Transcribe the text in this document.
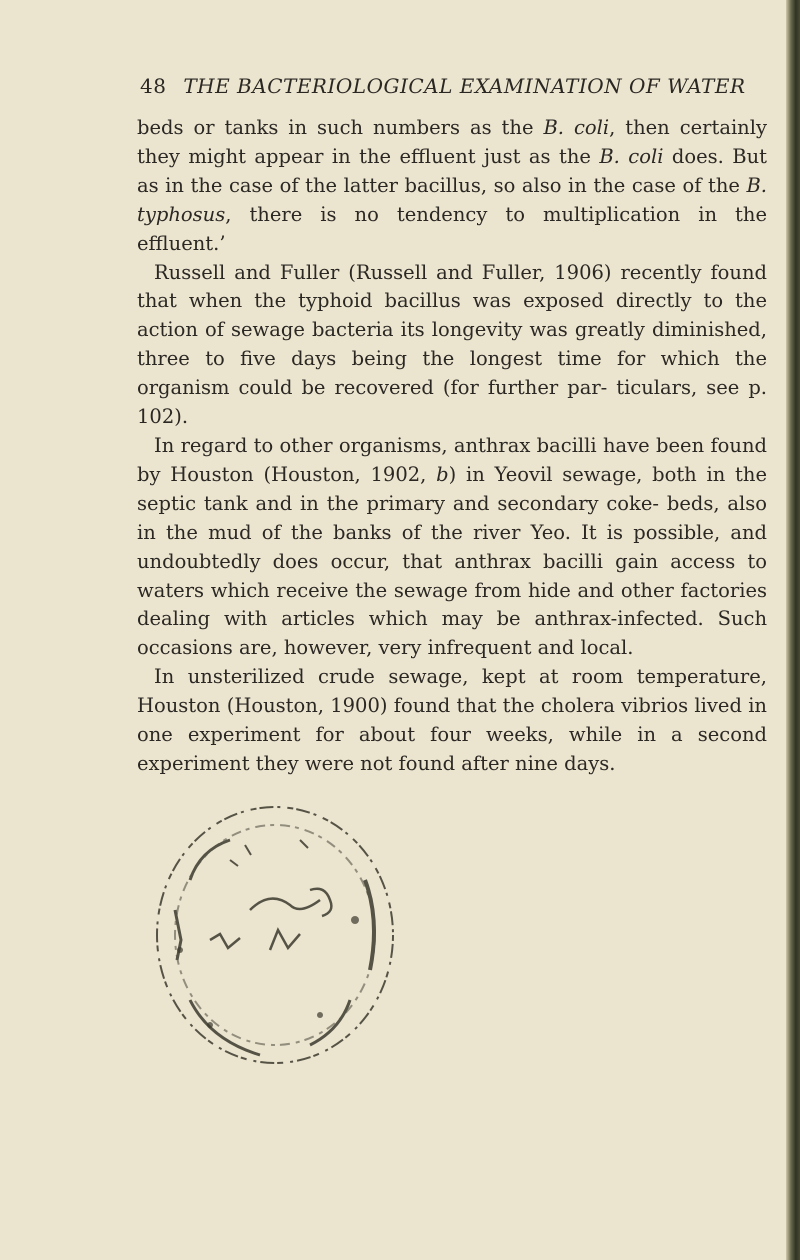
48 THE BACTERIOLOGICAL EXAMINATION OF WATER

beds or tanks in such numbers as the B. coli, then certainly they might appear in the effluent just as the B. coli does. But as in the case of the latter bacillus, so also in the case of the B. typhosus, there is no tendency to multiplication in the effluent.’

Russell and Fuller (Russell and Fuller, 1906) recently found that when the typhoid bacillus was exposed directly to the action of sewage bacteria its longevity was greatly diminished, three to five days being the longest time for which the organism could be recovered (for further par- ticulars, see p. 102).

In regard to other organisms, anthrax bacilli have been found by Houston (Houston, 1902, b) in Yeovil sewage, both in the septic tank and in the primary and secondary coke- beds, also in the mud of the banks of the river Yeo. It is possible, and undoubtedly does occur, that anthrax bacilli gain access to waters which receive the sewage from hide and other factories dealing with articles which may be anthrax-infected. Such occasions are, however, very infrequent and local.

In unsterilized crude sewage, kept at room temperature, Houston (Houston, 1900) found that the cholera vibrios lived in one experiment for about four weeks, while in a second experiment they were not found after nine days.
